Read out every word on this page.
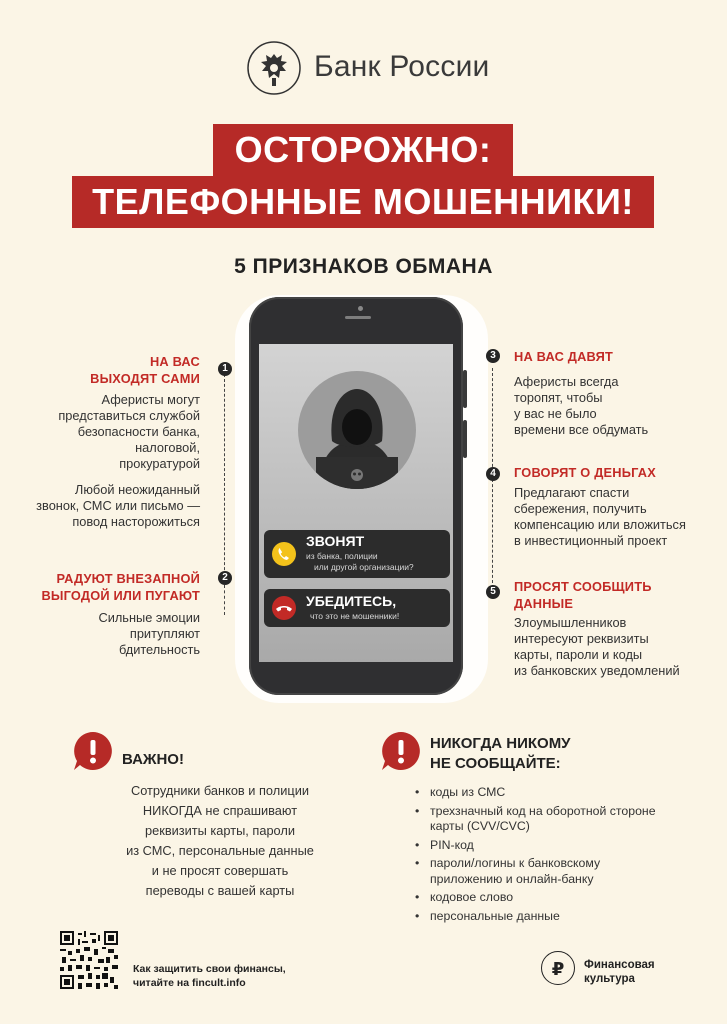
Банк России
ОСТОРОЖНО:
ТЕЛЕФОННЫЕ МОШЕННИКИ!
5 ПРИЗНАКОВ ОБМАНА
ЗВОНЯТ
из банка, полиции
или другой организации?
УБЕДИТЕСЬ,
что это не мошенники!
1
2
НА ВАС
ВЫХОДЯТ САМИ
Аферисты могут
представиться службой
безопасности банка,
налоговой,
прокуратурой
Любой неожиданный
звонок, СМС или письмо —
повод насторожиться
РАДУЮТ ВНЕЗАПНОЙ
ВЫГОДОЙ ИЛИ ПУГАЮТ
Сильные эмоции
притупляют
бдительность
3
4
5
НА ВАС ДАВЯТ
Аферисты всегда
торопят, чтобы
у вас не было
времени все обдумать
ГОВОРЯТ О ДЕНЬГАХ
Предлагают спасти
сбережения, получить
компенсацию или вложиться
в инвестиционный проект
ПРОСЯТ СООБЩИТЬ
ДАННЫЕ
Злоумышленников
интересуют реквизиты
карты, пароли и коды
из банковских уведомлений
ВАЖНО!
Сотрудники банков и полиции
НИКОГДА не спрашивают
реквизиты карты, пароли
из СМС, персональные данные
и не просят совершать
переводы с вашей карты
НИКОГДА НИКОМУ
НЕ СООБЩАЙТЕ:
• коды из СМС
• трехзначный код на оборотной стороне карты (CVV/CVC)
• PIN-код
• пароли/логины к банковскому приложению и онлайн-банку
• кодовое слово
• персональные данные
Как защитить свои финансы,
читайте на fincult.info
₽	Финансовая
культура
